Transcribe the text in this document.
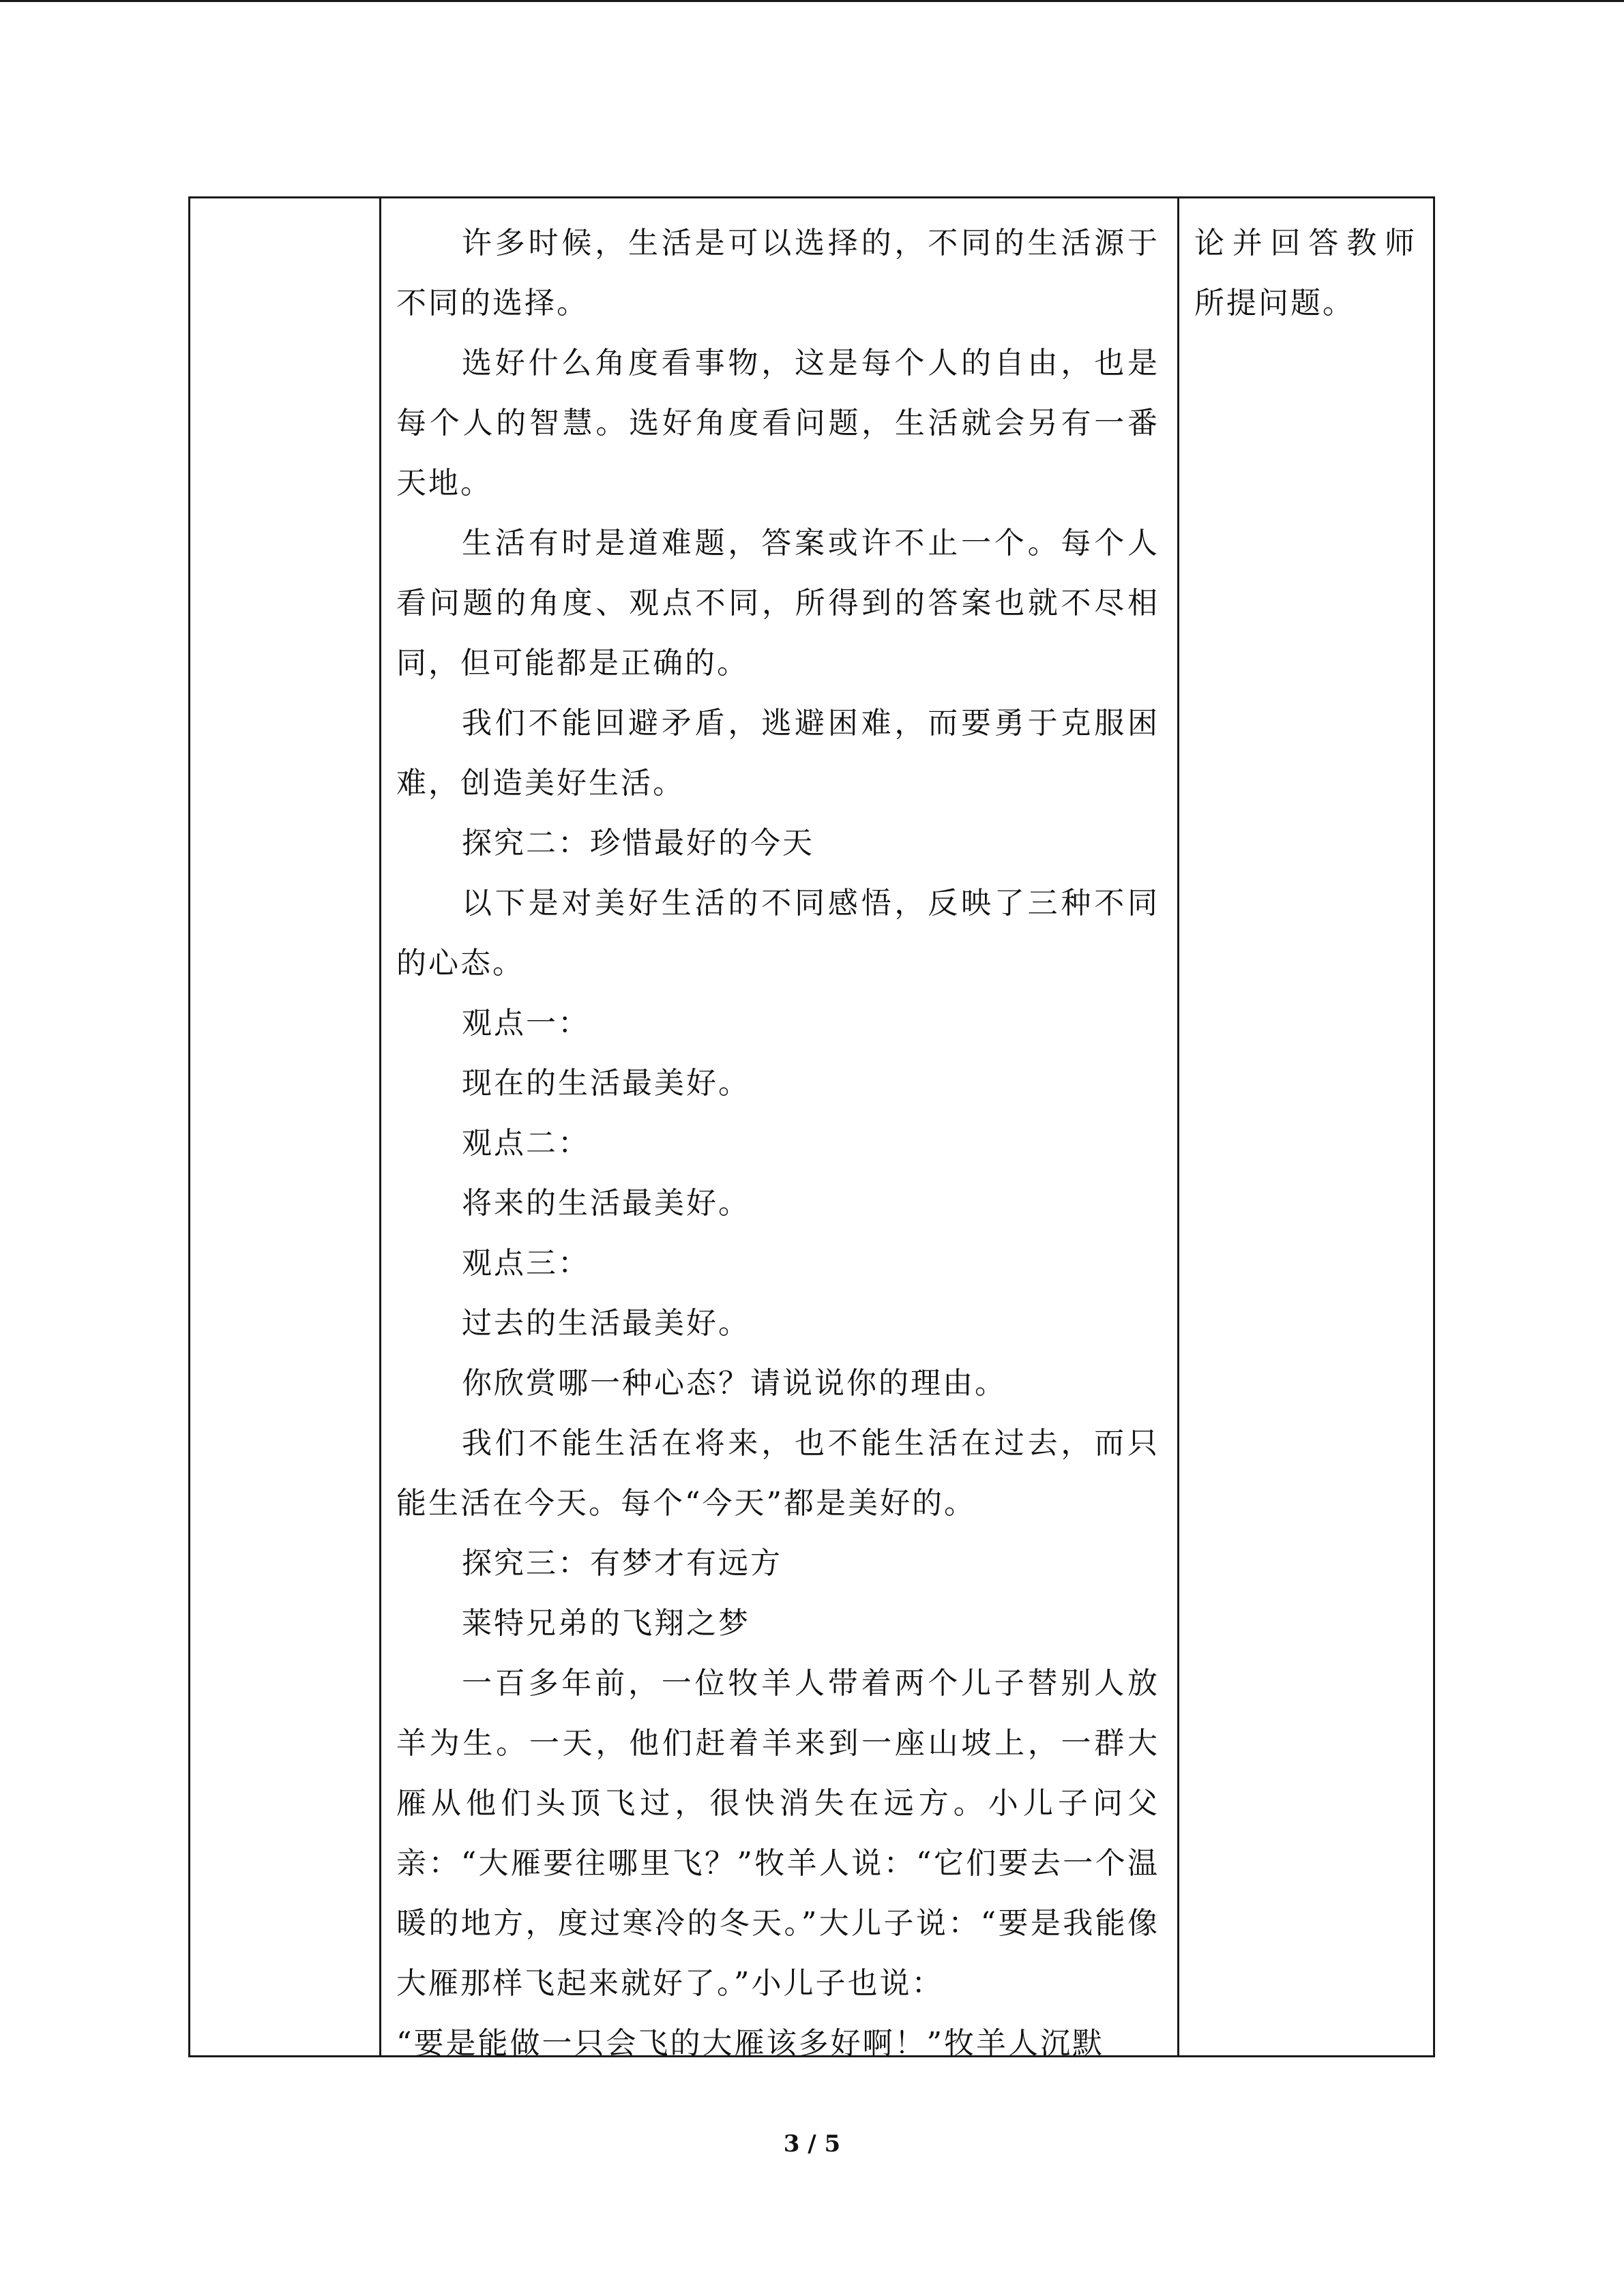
许多时候，生活是可以选择的，不同的生活源于不同的选择。

选好什么角度看事物，这是每个人的自由，也是每个人的智慧。选好角度看问题，生活就会另有一番天地。

生活有时是道难题，答案或许不止一个。每个人看问题的角度、观点不同，所得到的答案也就不尽相同，但可能都是正确的。

我们不能回避矛盾，逃避困难，而要勇于克服困难，创造美好生活。

探究二：珍惜最好的今天

以下是对美好生活的不同感悟，反映了三种不同的心态。

观点一：

现在的生活最美好。

观点二：

将来的生活最美好。

观点三：

过去的生活最美好。

你欣赏哪一种心态？请说说你的理由。

我们不能生活在将来，也不能生活在过去，而只能生活在今天。每个“今天”都是美好的。

探究三：有梦才有远方

莱特兄弟的飞翔之梦

一百多年前，一位牧羊人带着两个儿子替别人放羊为生。一天，他们赶着羊来到一座山坡上，一群大雁从他们头顶飞过，很快消失在远方。小儿子问父亲：“大雁要往哪里飞？”牧羊人说：“它们要去一个温暖的地方，度过寒冷的冬天。”大儿子说：“要是我能像大雁那样飞起来就好了。”小儿子也说：

“要是能做一只会飞的大雁该多好啊！”牧羊人沉默

论并回答教师所提问题。

3 / 5
